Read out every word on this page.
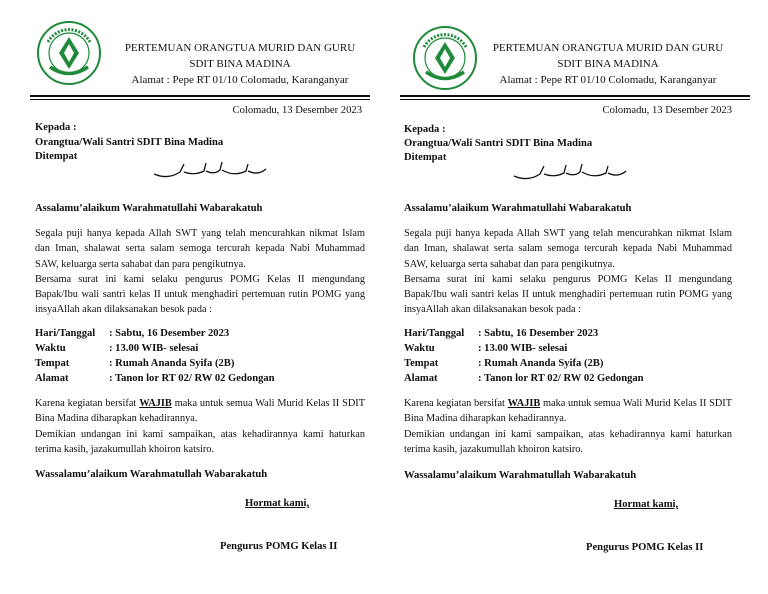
PERTEMUAN ORANGTUA MURID DAN GURU
SDIT BINA MADINA
Alamat : Pepe RT 01/10 Colomadu, Karanganyar
Colomadu, 13 Desember 2023
Kepada :
Orangtua/Wali Santri SDIT Bina Madina
Ditempat
Assalamu’alaikum Warahmatullahi Wabarakatuh
Segala puji hanya kepada Allah SWT yang telah mencurahkan nikmat Islam dan Iman, shalawat serta salam semoga tercurah kepada Nabi Muhammad SAW, keluarga serta sahabat dan para pengikutnya.
Bersama surat ini kami selaku pengurus POMG Kelas II mengundang Bapak/Ibu wali santri kelas II untuk menghadiri pertemuan rutin POMG yang insyaAllah akan dilaksanakan besok pada :
Hari/Tanggal	: Sabtu, 16 Desember 2023
Waktu	: 13.00 WIB- selesai
Tempat	: Rumah Ananda Syifa (2B)
Alamat	: Tanon lor RT 02/ RW 02 Gedongan
Karena kegiatan bersifat WAJIB maka untuk semua Wali Murid Kelas II SDIT Bina Madina diharapkan kehadirannya.
Demikian undangan ini kami sampaikan, atas kehadirannya kami haturkan terima kasih, jazakumullah khoiron katsiro.
Wassalamu’alaikum Warahmatullah Wabarakatuh
Hormat kami,
Pengurus POMG Kelas II
PERTEMUAN ORANGTUA MURID DAN GURU
SDIT BINA MADINA
Alamat : Pepe RT 01/10 Colomadu, Karanganyar
Colomadu, 13 Desember 2023
Kepada :
Orangtua/Wali Santri SDIT Bina Madina
Ditempat
Assalamu’alaikum Warahmatullahi Wabarakatuh
Segala puji hanya kepada Allah SWT yang telah mencurahkan nikmat Islam dan Iman, shalawat serta salam semoga tercurah kepada Nabi Muhammad SAW, keluarga serta sahabat dan para pengikutnya.
Bersama surat ini kami selaku pengurus POMG Kelas II mengundang Bapak/Ibu wali santri kelas II untuk menghadiri pertemuan rutin POMG yang insyaAllah akan dilaksanakan besok pada :
Hari/Tanggal	: Sabtu, 16 Desember 2023
Waktu	: 13.00 WIB- selesai
Tempat	: Rumah Ananda Syifa (2B)
Alamat	: Tanon lor RT 02/ RW 02 Gedongan
Karena kegiatan bersifat WAJIB maka untuk semua Wali Murid Kelas II SDIT Bina Madina diharapkan kehadirannya.
Demikian undangan ini kami sampaikan, atas kehadirannya kami haturkan terima kasih, jazakumullah khoiron katsiro.
Wassalamu’alaikum Warahmatullah Wabarakatuh
Hormat kami,
Pengurus POMG Kelas II
